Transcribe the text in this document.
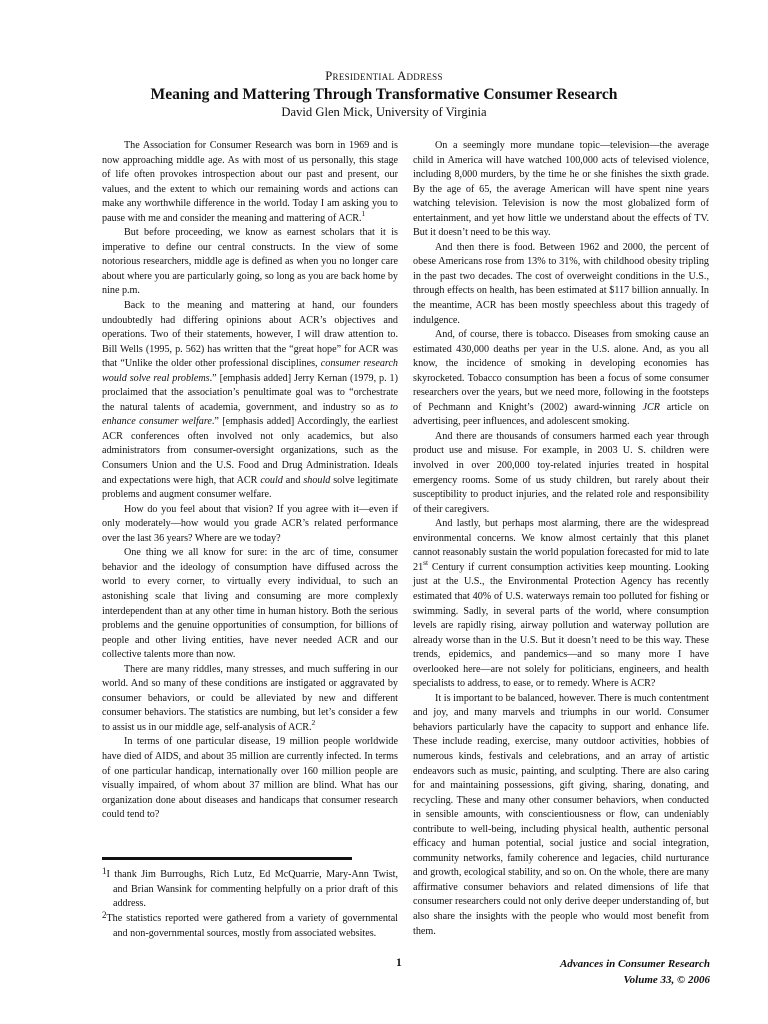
Presidential Address
Meaning and Mattering Through Transformative Consumer Research
David Glen Mick, University of Virginia

The Association for Consumer Research was born in 1969 and is now approaching middle age. As with most of us personally, this stage of life often provokes introspection about our past and present, our values, and the extent to which our remaining words and actions can make any worthwhile difference in the world. Today I am asking you to pause with me and consider the meaning and mattering of ACR.$^1$

But before proceeding, we know as earnest scholars that it is imperative to define our central constructs. In the view of some notorious researchers, middle age is defined as when you no longer care about where you are particularly going, so long as you are back home by nine p.m.

Back to the meaning and mattering at hand, our founders undoubtedly had differing opinions about ACR’s objectives and operations. Two of their statements, however, I will draw attention to. Bill Wells (1995, p. 562) has written that the “great hope” for ACR was that “Unlike the older other professional disciplines, consumer research would solve real problems.” [emphasis added] Jerry Kernan (1979, p. 1) proclaimed that the association’s penultimate goal was to “orchestrate the natural talents of academia, government, and industry so as to enhance consumer welfare.” [emphasis added] Accordingly, the earliest ACR conferences often involved not only academics, but also administrators from consumer-oversight organizations, such as the Consumers Union and the U.S. Food and Drug Administration. Ideals and expectations were high, that ACR could and should solve legitimate problems and augment consumer welfare.

How do you feel about that vision? If you agree with it—even if only moderately—how would you grade ACR’s related performance over the last 36 years? Where are we today?

One thing we all know for sure: in the arc of time, consumer behavior and the ideology of consumption have diffused across the world to every corner, to virtually every individual, to such an astonishing scale that living and consuming are more complexly interdependent than at any other time in human history. Both the serious problems and the genuine opportunities of consumption, for billions of people and other living entities, have never needed ACR and our collective talents more than now.

There are many riddles, many stresses, and much suffering in our world. And so many of these conditions are instigated or aggravated by consumer behaviors, or could be alleviated by new and different consumer behaviors. The statistics are numbing, but let’s consider a few to assist us in our middle age, self-analysis of ACR.$^2$

In terms of one particular disease, 19 million people worldwide have died of AIDS, and about 35 million are currently infected. In terms of one particular handicap, internationally over 160 million people are visually impaired, of whom about 37 million are blind. What has our organization done about diseases and handicaps that consumer research could tend to?

On a seemingly more mundane topic—television—the average child in America will have watched 100,000 acts of televised violence, including 8,000 murders, by the time he or she finishes the sixth grade. By the age of 65, the average American will have spent nine years watching television. Television is now the most globalized form of entertainment, and yet how little we understand about the effects of TV. But it doesn’t need to be this way.

And then there is food. Between 1962 and 2000, the percent of obese Americans rose from 13% to 31%, with childhood obesity tripling in the past two decades. The cost of overweight conditions in the U.S., through effects on health, has been estimated at $117 billion annually. In the meantime, ACR has been mostly speechless about this tragedy of indulgence.

And, of course, there is tobacco. Diseases from smoking cause an estimated 430,000 deaths per year in the U.S. alone. And, as you all know, the incidence of smoking in developing economies has skyrocketed. Tobacco consumption has been a focus of some consumer researchers over the years, but we need more, following in the footsteps of Pechmann and Knight’s (2002) award-winning JCR article on advertising, peer influences, and adolescent smoking.

And there are thousands of consumers harmed each year through product use and misuse. For example, in 2003 U. S. children were involved in over 200,000 toy-related injuries treated in hospital emergency rooms. Some of us study children, but rarely about their susceptibility to product injuries, and the related role and responsibility of their caregivers.

And lastly, but perhaps most alarming, there are the widespread environmental concerns. We know almost certainly that this planet cannot reasonably sustain the world population forecasted for mid to late 21st Century if current consumption activities keep mounting. Looking just at the U.S., the Environmental Protection Agency has recently estimated that 40% of U.S. waterways remain too polluted for fishing or swimming. Sadly, in several parts of the world, where consumption levels are rapidly rising, airway pollution and waterway pollution are already worse than in the U.S. But it doesn’t need to be this way. These trends, epidemics, and pandemics—and so many more I have overlooked here—are not solely for politicians, engineers, and health specialists to address, to ease, or to remedy. Where is ACR?

It is important to be balanced, however. There is much contentment and joy, and many marvels and triumphs in our world. Consumer behaviors particularly have the capacity to support and enhance life. These include reading, exercise, many outdoor activities, hobbies of numerous kinds, festivals and celebrations, and an array of artistic endeavors such as music, painting, and sculpting. There are also caring for and maintaining possessions, gift giving, sharing, donating, and recycling. These and many other consumer behaviors, when conducted in sensible amounts, with conscientiousness or flow, can undeniably contribute to well-being, including physical health, authentic personal efficacy and human potential, social justice and social integration, community networks, family coherence and legacies, child nurturance and growth, ecological stability, and so on. On the whole, there are many affirmative consumer behaviors and related dimensions of life that consumer researchers could not only derive deeper understanding of, but also share the insights with the people who would most benefit from them.

1I thank Jim Burroughs, Rich Lutz, Ed McQuarrie, Mary-Ann Twist, and Brian Wansink for commenting helpfully on a prior draft of this address.
2The statistics reported were gathered from a variety of governmental and non-governmental sources, mostly from associated websites.
1	Advances in Consumer Research
Volume 33, © 2006
